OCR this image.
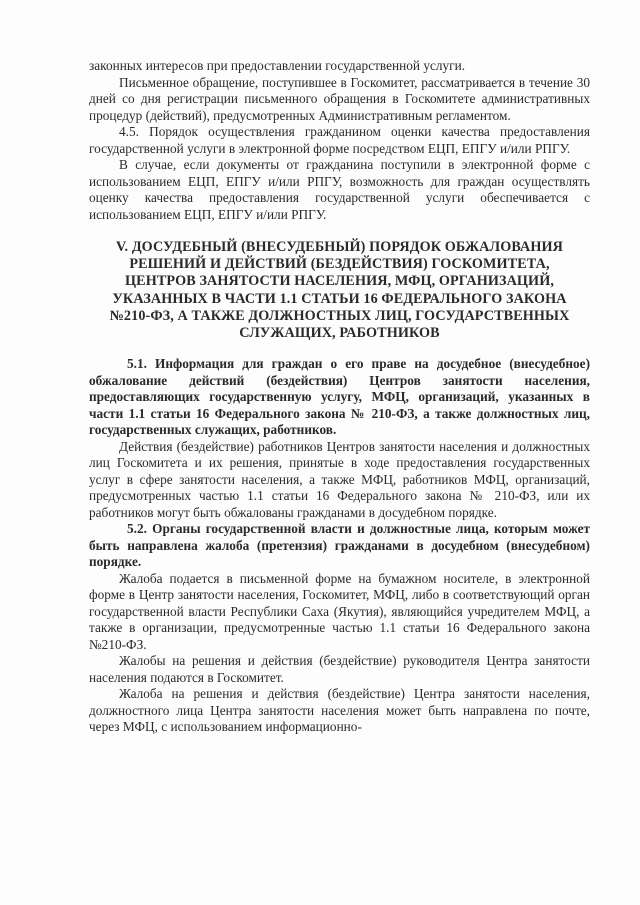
законных интересов при предоставлении государственной услуги.

Письменное обращение, поступившее в Госкомитет, рассматривается в течение 30 дней со дня регистрации письменного обращения в Госкомитете административных процедур (действий), предусмотренных Административным регламентом.

4.5. Порядок осуществления гражданином оценки качества предоставления государственной услуги в электронной форме посредством ЕЦП, ЕПГУ и/или РПГУ.

В случае, если документы от гражданина поступили в электронной форме с использованием ЕЦП, ЕПГУ и/или РПГУ, возможность для граждан осуществлять оценку качества предоставления государственной услуги обеспечивается с использованием ЕЦП, ЕПГУ и/или РПГУ.

V. ДОСУДЕБНЫЙ (ВНЕСУДЕБНЫЙ) ПОРЯДОК ОБЖАЛОВАНИЯ
РЕШЕНИЙ И ДЕЙСТВИЙ (БЕЗДЕЙСТВИЯ) ГОСКОМИТЕТА,
ЦЕНТРОВ ЗАНЯТОСТИ НАСЕЛЕНИЯ, МФЦ, ОРГАНИЗАЦИЙ,
УКАЗАННЫХ В ЧАСТИ 1.1 СТАТЬИ 16 ФЕДЕРАЛЬНОГО ЗАКОНА
№210-ФЗ, А ТАКЖЕ ДОЛЖНОСТНЫХ ЛИЦ, ГОСУДАРСТВЕННЫХ
СЛУЖАЩИХ, РАБОТНИКОВ

5.1. Информация для граждан о его праве на досудебное (внесудебное) обжалование действий (бездействия) Центров занятости населения, предоставляющих государственную услугу, МФЦ, организаций, указанных в части 1.1 статьи 16 Федерального закона № 210-ФЗ, а также должностных лиц, государственных служащих, работников.

Действия (бездействие) работников Центров занятости населения и должностных лиц Госкомитета и их решения, принятые в ходе предоставления государственных услуг в сфере занятости населения, а также МФЦ, работников МФЦ, организаций, предусмотренных частью 1.1 статьи 16 Федерального закона № 210-ФЗ, или их работников могут быть обжалованы гражданами в досудебном порядке.

5.2. Органы государственной власти и должностные лица, которым может быть направлена жалоба (претензия) гражданами в досудебном (внесудебном) порядке.

Жалоба подается в письменной форме на бумажном носителе, в электронной форме в Центр занятости населения, Госкомитет, МФЦ, либо в соответствующий орган государственной власти Республики Саха (Якутия), являющийся учредителем МФЦ, а также в организации, предусмотренные частью 1.1 статьи 16 Федерального закона №210-ФЗ.

Жалобы на решения и действия (бездействие) руководителя Центра занятости населения подаются в Госкомитет.

Жалоба на решения и действия (бездействие) Центра занятости населения, должностного лица Центра занятости населения может быть направлена по почте, через МФЦ, с использованием информационно-
